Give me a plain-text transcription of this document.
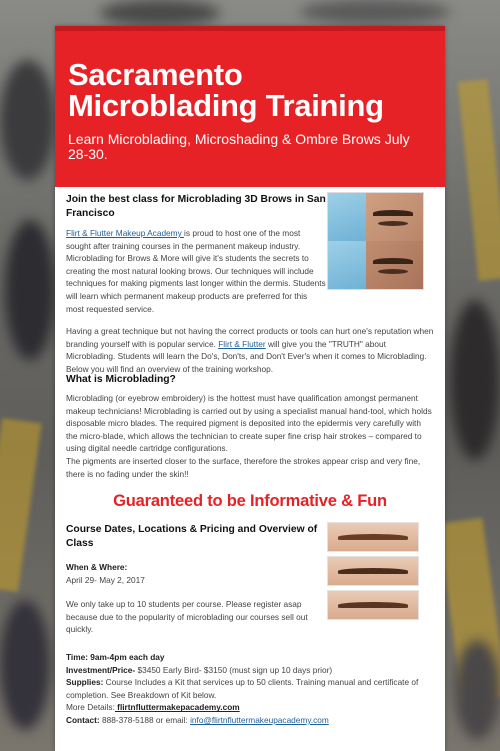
Sacramento
Microblading Training
Learn Microblading, Microshading & Ombre Brows July 28-30.
Join the best class for Microblading 3D Brows in San Francisco

Flirt & Flutter Makeup Academy is proud to host one of the most sought after training courses in the permanent makeup industry. Microblading for Brows & More will give it's students the secrets to creating the most natural looking brows. Our techniques will include techniques for making pigments last longer within the dermis. Students will learn which permanent makeup products are preferred for this most requested service.

Having a great technique but not having the correct products or tools can hurt one's reputation when branding yourself with is popular service. Flirt & Flutter will give you the "TRUTH" about Microblading. Students will learn the Do's, Don'ts, and Don't Ever's when it comes to Microblading. Below you will find an overview of the training workshop.

What is Microblading?

Microblading (or eyebrow embroidery) is the hottest must have qualification amongst permanent makeup technicians! Microblading is carried out by using a specialist manual hand-tool, which holds disposable micro blades. The required pigment is deposited into the epidermis very carefully with the micro-blade, which allows the technician to create super fine crisp hair strokes – compared to using digital needle cartridge configurations.

The pigments are inserted closer to the surface, therefore the strokes appear crisp and very fine, there is no fading under the skin!!

Guaranteed to be Informative & Fun
Course Dates, Locations & Pricing and Overview of Class

When & Where:

April 29- May 2, 2017

We only take up to 10 students per course. Please register asap because due to the popularity of microblading our courses sell out quickly.

Time: 9am-4pm each day

Investment/Price- $3450 Early Bird- $3150 (must sign up 10 days prior)

Supplies: Course Includes a Kit that services up to 50 clients. Training manual and certificate of completion. See Breakdown of Kit below.

More Details: flirtnfluttermakepacademy.com

Contact: 888-378-5188 or email: info@flirtnfluttermakeupacademy.com
